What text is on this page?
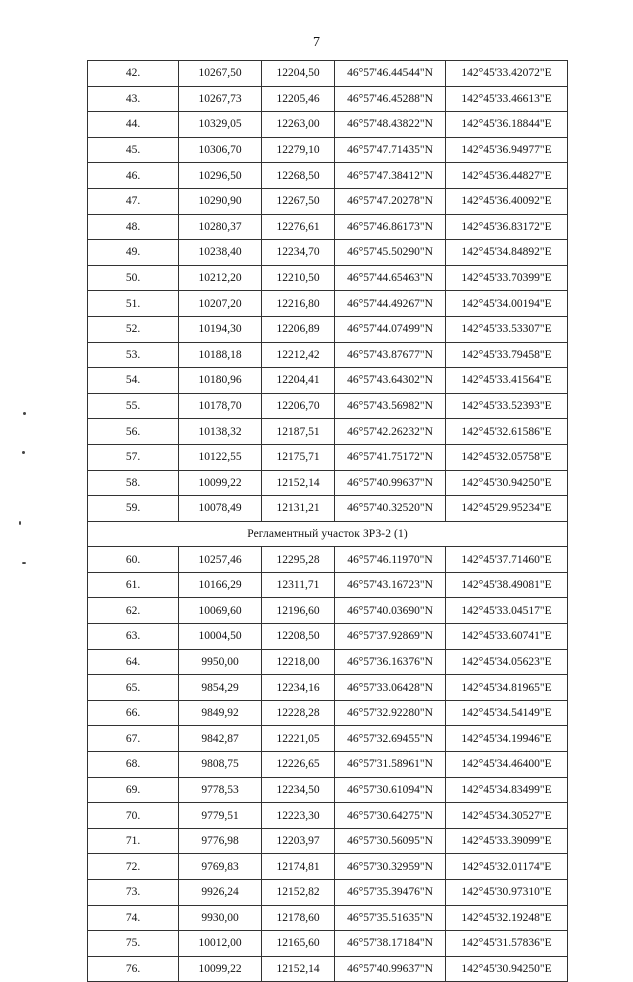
7
42.	10267,50	12204,50	46°57'46.44544"N	142°45'33.42072"E
43.	10267,73	12205,46	46°57'46.45288"N	142°45'33.46613"E
44.	10329,05	12263,00	46°57'48.43822"N	142°45'36.18844"E
45.	10306,70	12279,10	46°57'47.71435"N	142°45'36.94977"E
46.	10296,50	12268,50	46°57'47.38412"N	142°45'36.44827"E
47.	10290,90	12267,50	46°57'47.20278"N	142°45'36.40092"E
48.	10280,37	12276,61	46°57'46.86173"N	142°45'36.83172"E
49.	10238,40	12234,70	46°57'45.50290"N	142°45'34.84892"E
50.	10212,20	12210,50	46°57'44.65463"N	142°45'33.70399"E
51.	10207,20	12216,80	46°57'44.49267"N	142°45'34.00194"E
52.	10194,30	12206,89	46°57'44.07499"N	142°45'33.53307"E
53.	10188,18	12212,42	46°57'43.87677"N	142°45'33.79458"E
54.	10180,96	12204,41	46°57'43.64302"N	142°45'33.41564"E
55.	10178,70	12206,70	46°57'43.56982"N	142°45'33.52393"E
56.	10138,32	12187,51	46°57'42.26232"N	142°45'32.61586"E
57.	10122,55	12175,71	46°57'41.75172"N	142°45'32.05758"E
58.	10099,22	12152,14	46°57'40.99637"N	142°45'30.94250"E
59.	10078,49	12131,21	46°57'40.32520"N	142°45'29.95234"E
Регламентный участок ЗРЗ-2 (1)				
60.	10257,46	12295,28	46°57'46.11970"N	142°45'37.71460"E
61.	10166,29	12311,71	46°57'43.16723"N	142°45'38.49081"E
62.	10069,60	12196,60	46°57'40.03690"N	142°45'33.04517"E
63.	10004,50	12208,50	46°57'37.92869"N	142°45'33.60741"E
64.	9950,00	12218,00	46°57'36.16376"N	142°45'34.05623"E
65.	9854,29	12234,16	46°57'33.06428"N	142°45'34.81965"E
66.	9849,92	12228,28	46°57'32.92280"N	142°45'34.54149"E
67.	9842,87	12221,05	46°57'32.69455"N	142°45'34.19946"E
68.	9808,75	12226,65	46°57'31.58961"N	142°45'34.46400"E
69.	9778,53	12234,50	46°57'30.61094"N	142°45'34.83499"E
70.	9779,51	12223,30	46°57'30.64275"N	142°45'34.30527"E
71.	9776,98	12203,97	46°57'30.56095"N	142°45'33.39099"E
72.	9769,83	12174,81	46°57'30.32959"N	142°45'32.01174"E
73.	9926,24	12152,82	46°57'35.39476"N	142°45'30.97310"E
74.	9930,00	12178,60	46°57'35.51635"N	142°45'32.19248"E
75.	10012,00	12165,60	46°57'38.17184"N	142°45'31.57836"E
76.	10099,22	12152,14	46°57'40.99637"N	142°45'30.94250"E
